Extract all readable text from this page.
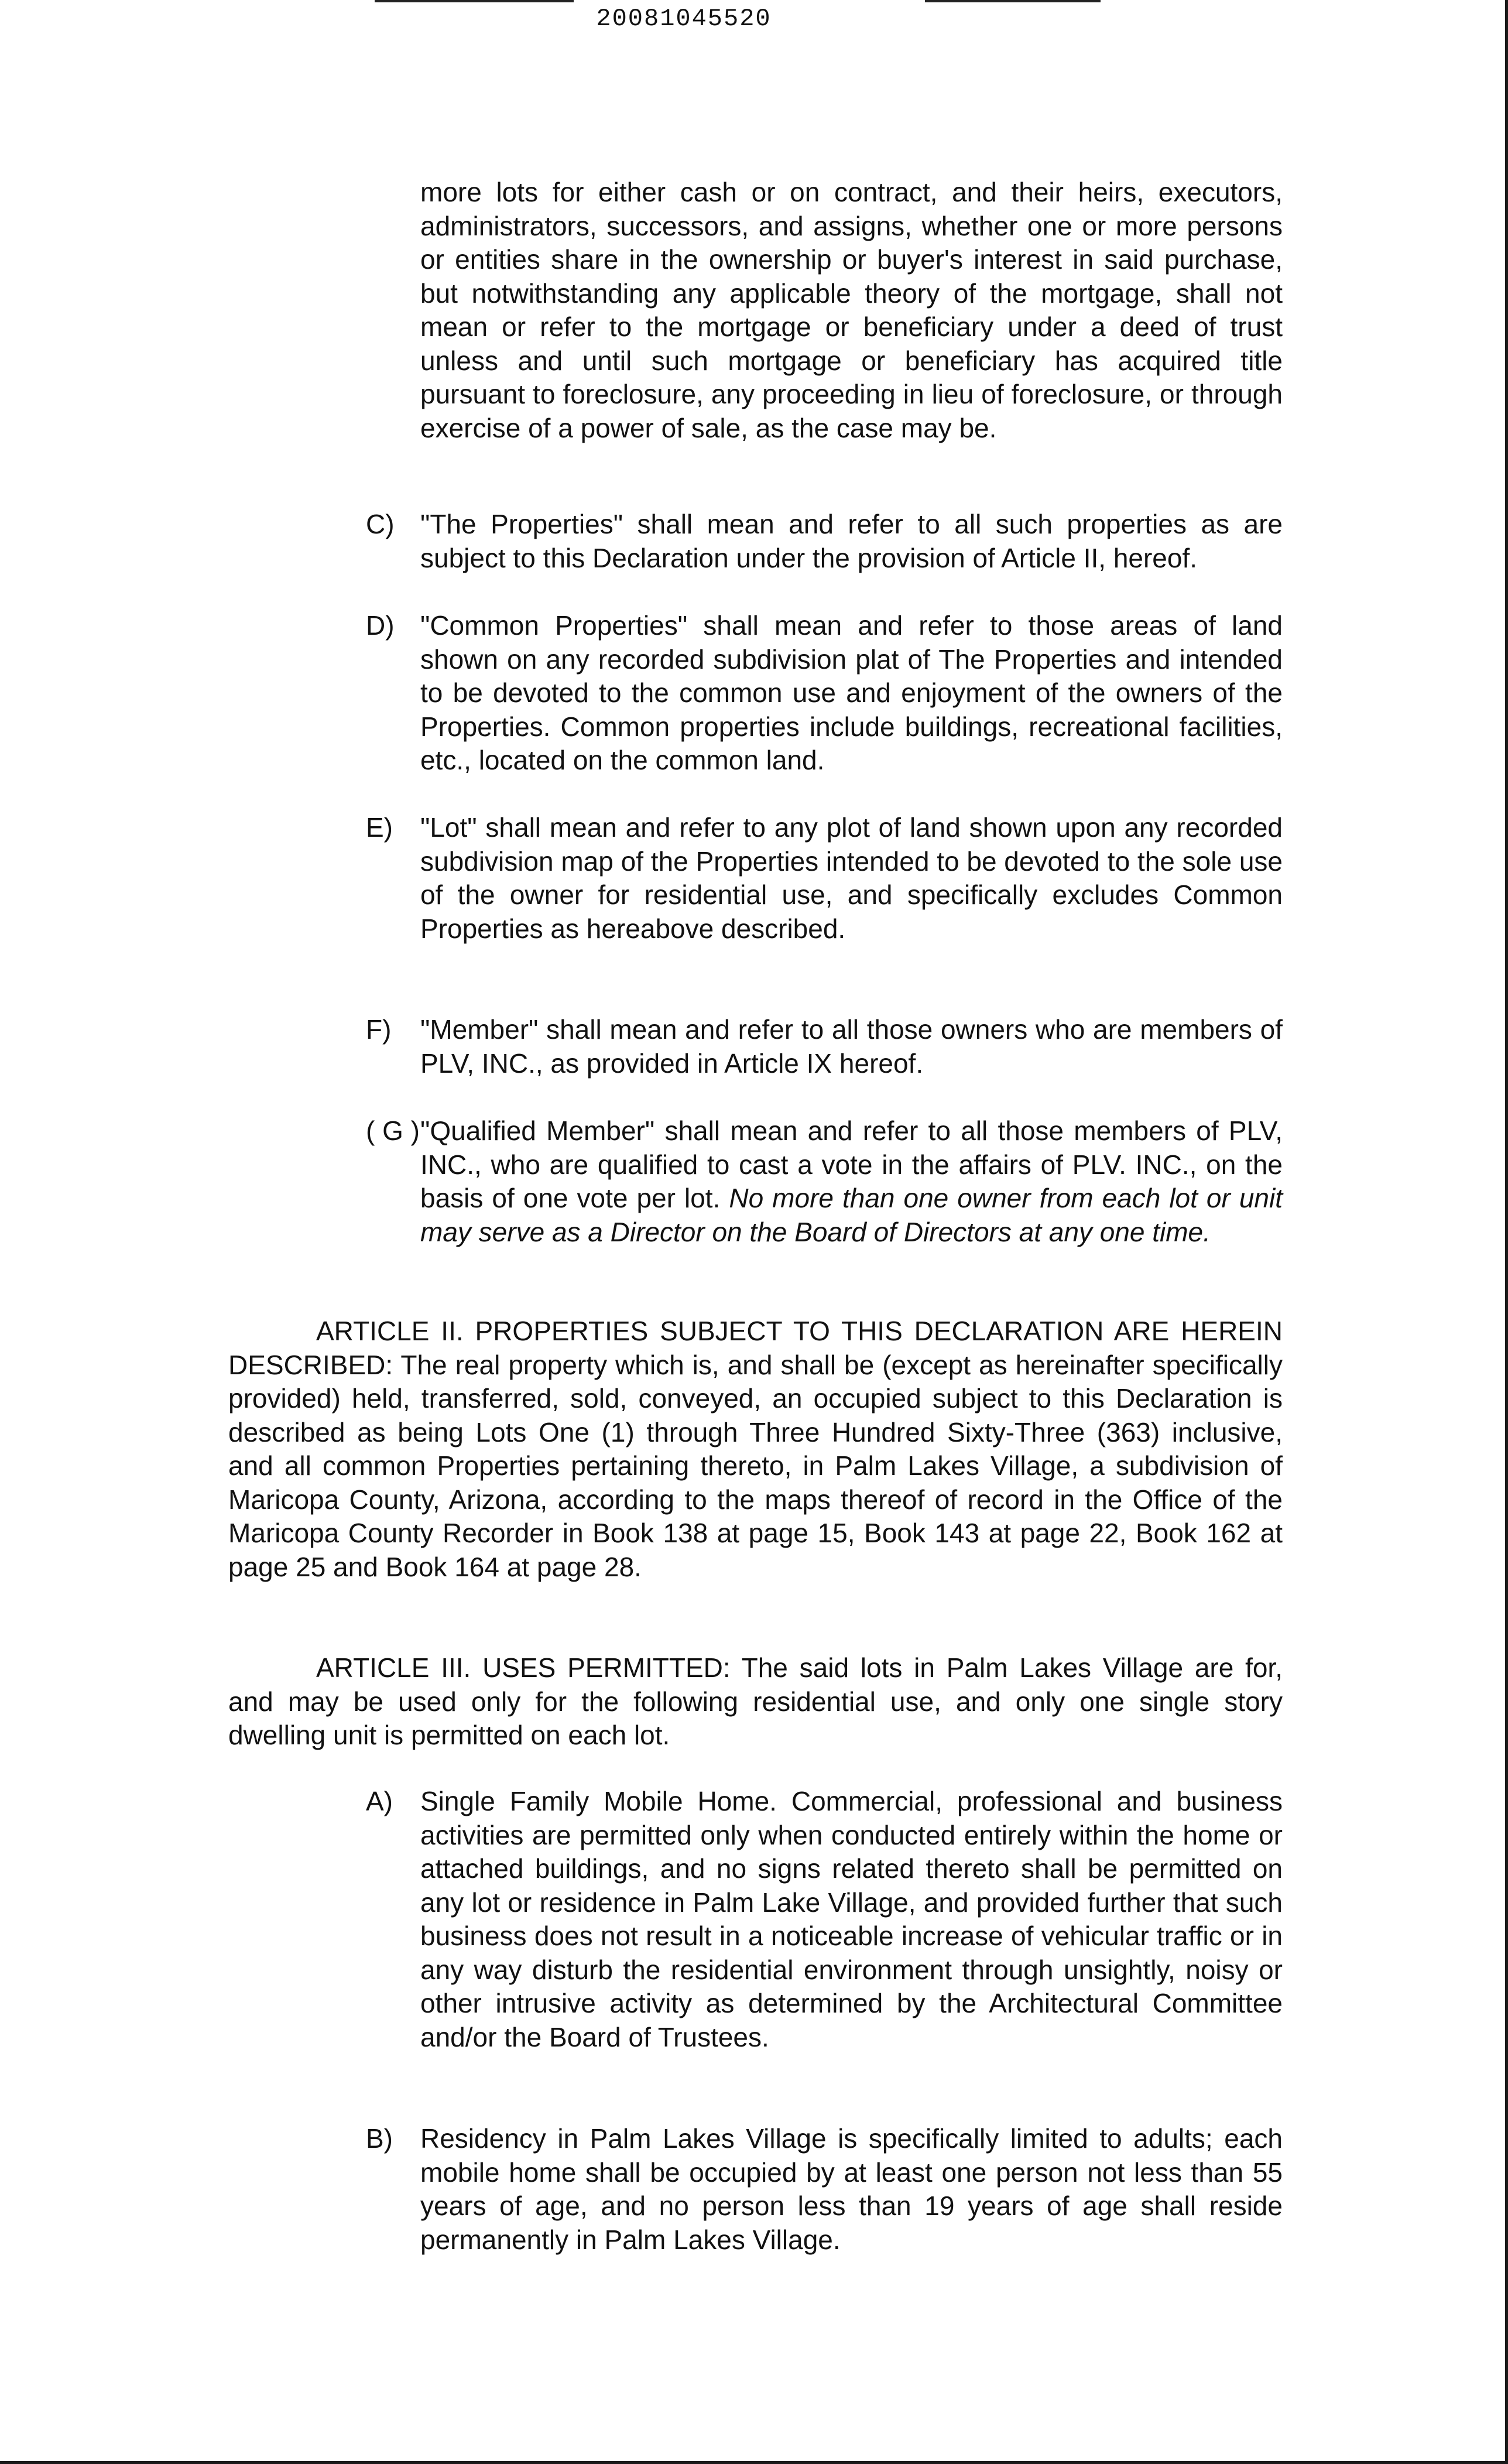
20081045520

more lots for either cash or on contract, and their heirs, executors, administrators, successors, and assigns, whether one or more persons or entities share in the ownership or buyer's interest in said purchase, but notwithstanding any applicable theory of the mortgage, shall not mean or refer to the mortgage or beneficiary under a deed of trust unless and until such mortgage or beneficiary has acquired title pursuant to foreclosure, any proceeding in lieu of foreclosure, or through exercise of a power of sale, as the case may be.

C) "The Properties" shall mean and refer to all such properties as are subject to this Declaration under the provision of Article II, hereof.

D) "Common Properties" shall mean and refer to those areas of land shown on any recorded subdivision plat of The Properties and intended to be devoted to the common use and enjoyment of the owners of the Properties. Common properties include buildings, recreational facilities, etc., located on the common land.

E) "Lot" shall mean and refer to any plot of land shown upon any recorded subdivision map of the Properties intended to be devoted to the sole use of the owner for residential use, and specifically excludes Common Properties as hereabove described.

F) "Member" shall mean and refer to all those owners who are members of PLV, INC., as provided in Article IX hereof.

( G ) "Qualified Member" shall mean and refer to all those members of PLV, INC., who are qualified to cast a vote in the affairs of PLV. INC., on the basis of one vote per lot. No more than one owner from each lot or unit may serve as a Director on the Board of Directors at any one time.

ARTICLE II. PROPERTIES SUBJECT TO THIS DECLARATION ARE HEREIN DESCRIBED: The real property which is, and shall be (except as hereinafter specifically provided) held, transferred, sold, conveyed, an occupied subject to this Declaration is described as being Lots One (1) through Three Hundred Sixty-Three (363) inclusive, and all common Properties pertaining thereto, in Palm Lakes Village, a subdivision of Maricopa County, Arizona, according to the maps thereof of record in the Office of the Maricopa County Recorder in Book 138 at page 15, Book 143 at page 22, Book 162 at page 25 and Book 164 at page 28.

ARTICLE III. USES PERMITTED: The said lots in Palm Lakes Village are for, and may be used only for the following residential use, and only one single story dwelling unit is permitted on each lot.

A) Single Family Mobile Home. Commercial, professional and business activities are permitted only when conducted entirely within the home or attached buildings, and no signs related thereto shall be permitted on any lot or residence in Palm Lake Village, and provided further that such business does not result in a noticeable increase of vehicular traffic or in any way disturb the residential environment through unsightly, noisy or other intrusive activity as determined by the Architectural Committee and/or the Board of Trustees.

B) Residency in Palm Lakes Village is specifically limited to adults; each mobile home shall be occupied by at least one person not less than 55 years of age, and no person less than 19 years of age shall reside permanently in Palm Lakes Village.
